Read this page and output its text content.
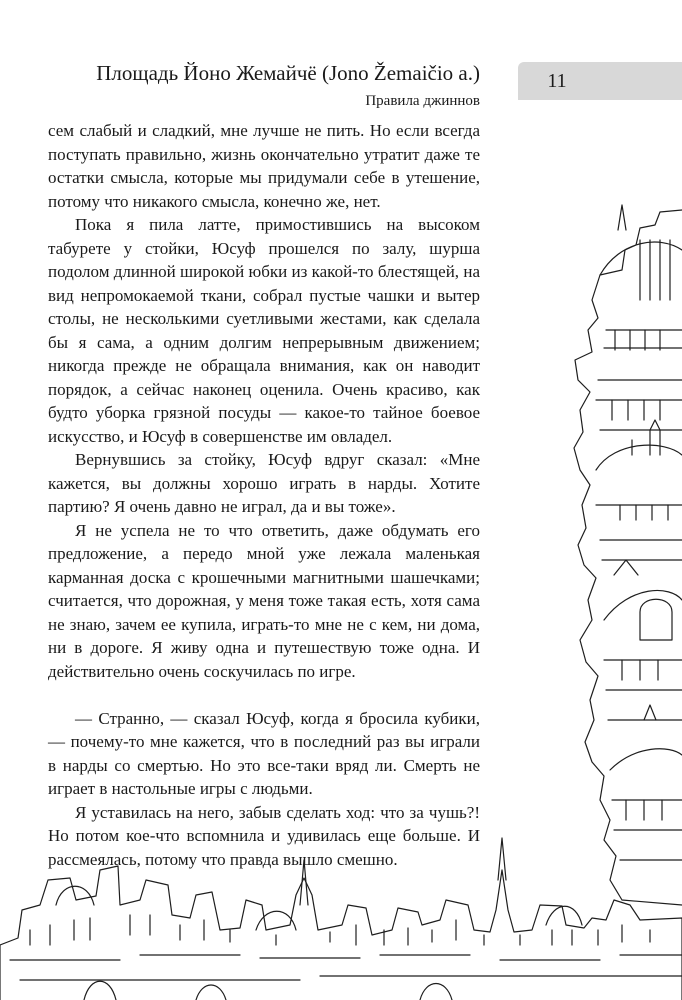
Площадь Йоно Жемайчё (Jono Žemaičio a.)
Правила джиннов
11

сем слабый и сладкий, мне лучше не пить. Но если всегда поступать правильно, жизнь окончательно утратит даже те остатки смысла, которые мы придумали себе в утешение, потому что никакого смысла, конечно же, нет.

Пока я пила латте, примостившись на высоком табурете у стойки, Юсуф прошелся по залу, шурша подолом длинной широкой юбки из какой-то блестящей, на вид непромокаемой ткани, собрал пустые чашки и вытер столы, не несколькими суетливыми жестами, как сделала бы я сама, а одним долгим непрерывным движением; никогда прежде не обращала внимания, как он наводит порядок, а сейчас наконец оценила. Очень красиво, как будто уборка грязной посуды — какое-то тайное боевое искусство, и Юсуф в совершенстве им овладел.

Вернувшись за стойку, Юсуф вдруг сказал: «Мне кажется, вы должны хорошо играть в нарды. Хотите партию? Я очень давно не играл, да и вы тоже».

Я не успела не то что ответить, даже обдумать его предложение, а передо мной уже лежала маленькая карманная доска с крошечными магнитными шашечками; считается, что дорожная, у меня тоже такая есть, хотя сама не знаю, зачем ее купила, играть-то мне не с кем, ни дома, ни в дороге. Я живу одна и путешествую тоже одна. И действительно очень соскучилась по игре.

— Странно, — сказал Юсуф, когда я бросила кубики, — почему-то мне кажется, что в последний раз вы играли в нарды со смертью. Но это все-таки вряд ли. Смерть не играет в настольные игры с людьми.

Я уставилась на него, забыв сделать ход: что за чушь?! Но потом кое-что вспомнила и удивилась еще больше. И рассмеялась, потому что правда вышло смешно.
